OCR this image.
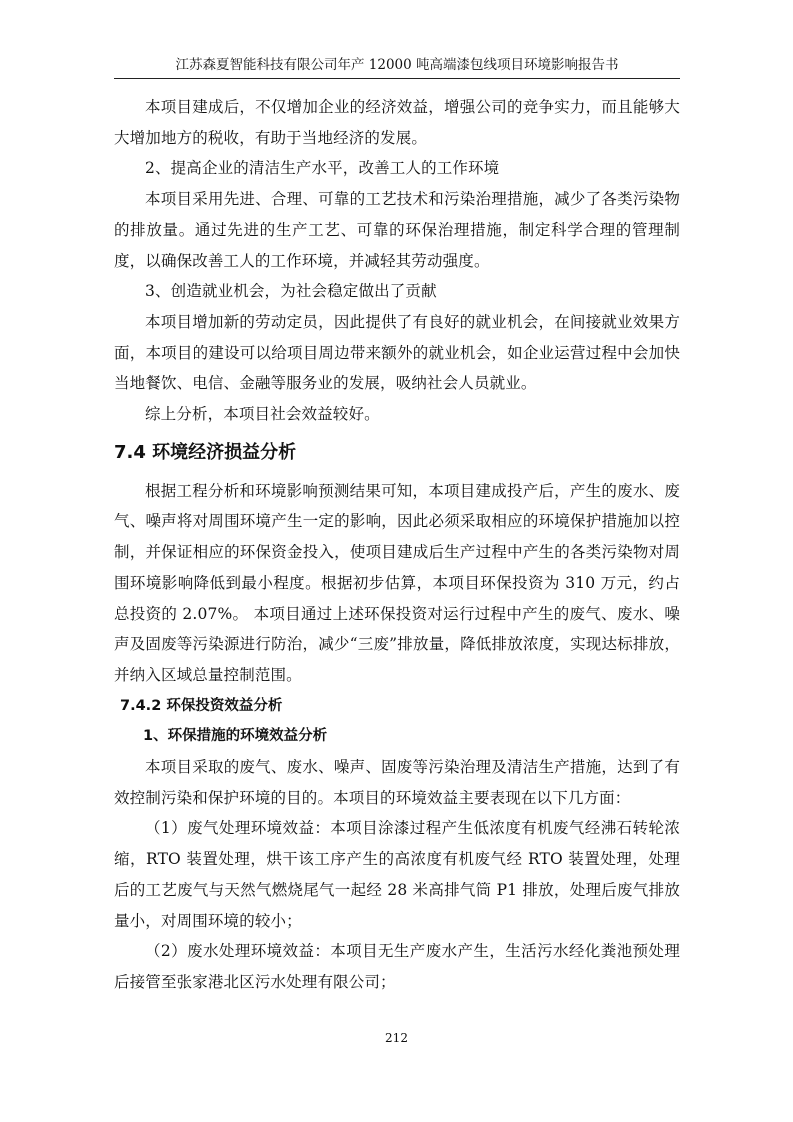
江苏森夏智能科技有限公司年产 12000 吨高端漆包线项目环境影响报告书

本项目建成后，不仅增加企业的经济效益，增强公司的竞争实力，而且能够大大增加地方的税收，有助于当地经济的发展。

2、提高企业的清洁生产水平，改善工人的工作环境

本项目采用先进、合理、可靠的工艺技术和污染治理措施，减少了各类污染物的排放量。通过先进的生产工艺、可靠的环保治理措施，制定科学合理的管理制度，以确保改善工人的工作环境，并减轻其劳动强度。

3、创造就业机会，为社会稳定做出了贡献

本项目增加新的劳动定员，因此提供了有良好的就业机会，在间接就业效果方面，本项目的建设可以给项目周边带来额外的就业机会，如企业运营过程中会加快当地餐饮、电信、金融等服务业的发展，吸纳社会人员就业。

综上分析，本项目社会效益较好。

7.4 环境经济损益分析

根据工程分析和环境影响预测结果可知，本项目建成投产后，产生的废水、废气、噪声将对周围环境产生一定的影响，因此必须采取相应的环境保护措施加以控制，并保证相应的环保资金投入，使项目建成后生产过程中产生的各类污染物对周围环境影响降低到最小程度。根据初步估算，本项目环保投资为 310 万元，约占总投资的 2.07%。 本项目通过上述环保投资对运行过程中产生的废气、废水、噪声及固废等污染源进行防治，减少“三废”排放量，降低排放浓度，实现达标排放，并纳入区域总量控制范围。

7.4.2 环保投资效益分析
1、环保措施的环境效益分析

本项目采取的废气、废水、噪声、固废等污染治理及清洁生产措施，达到了有效控制污染和保护环境的目的。本项目的环境效益主要表现在以下几方面：

（1）废气处理环境效益：本项目涂漆过程产生低浓度有机废气经沸石转轮浓缩，RTO 装置处理，烘干该工序产生的高浓度有机废气经 RTO 装置处理，处理后的工艺废气与天然气燃烧尾气一起经 28 米高排气筒 P1 排放，处理后废气排放量小，对周围环境的较小；

（2）废水处理环境效益：本项目无生产废水产生，生活污水经化粪池预处理后接管至张家港北区污水处理有限公司；

212
